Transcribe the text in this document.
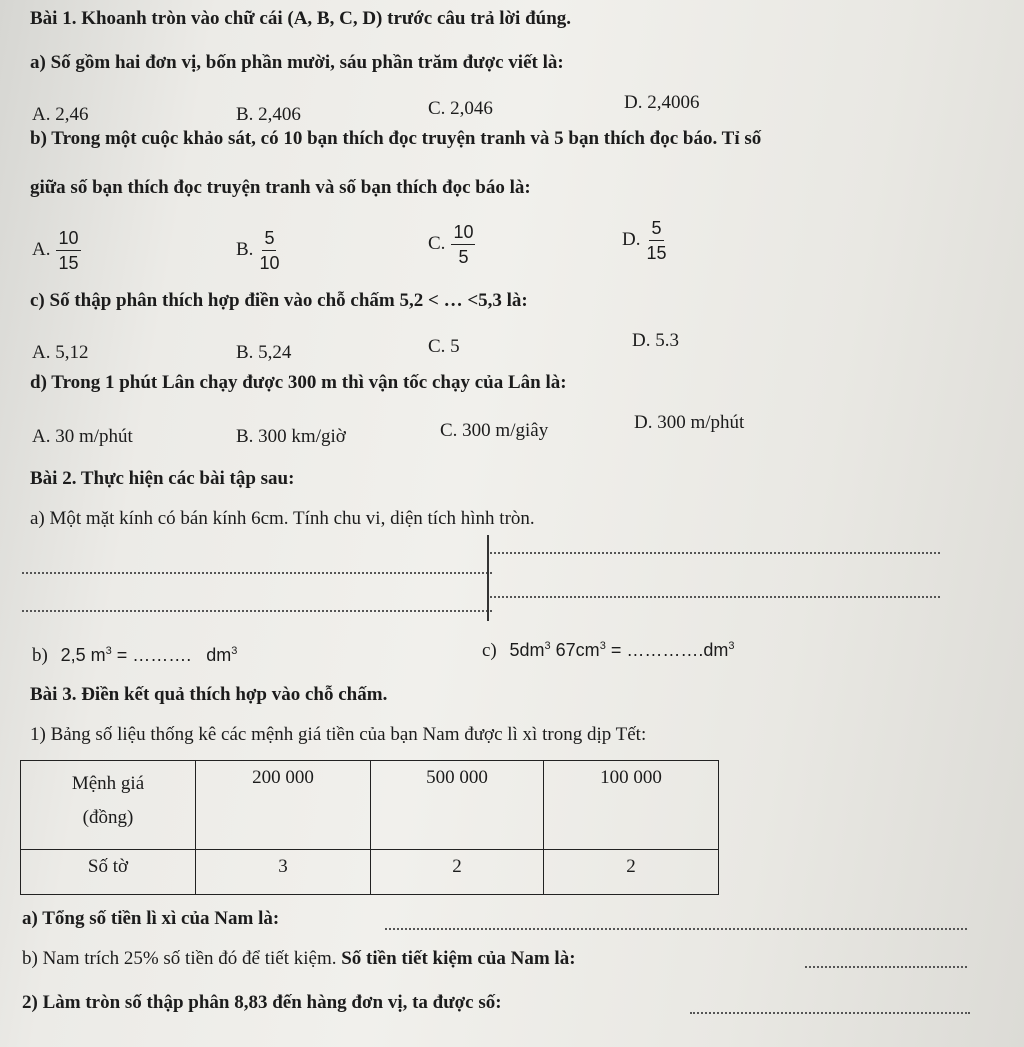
Bài 1. Khoanh tròn vào chữ cái (A, B, C, D) trước câu trả lời đúng.
a) Số gồm hai đơn vị, bốn phần mười, sáu phần trăm được viết là:
A. 2,46	B. 2,406	C. 2,046	D. 2,4006
b) Trong một cuộc khảo sát, có 10 bạn thích đọc truyện tranh và 5 bạn thích đọc báo. Tỉ số
giữa số bạn thích đọc truyện tranh và số bạn thích đọc báo là:
A. $\frac{10}{15}$	B. $\frac{5}{10}$	C. $\frac{10}{5}$	D. $\frac{5}{15}$
c) Số thập phân thích hợp điền vào chỗ chấm 5,2 < … <5,3 là:
A. 5,12	B. 5,24	C. 5	D. 5.3
d) Trong 1 phút Lân chạy được 300 m thì vận tốc chạy của Lân là:
A. 30 m/phút	B. 300 km/giờ	C. 300 m/giây	D. 300 m/phút
Bài 2. Thực hiện các bài tập sau:
a) Một mặt kính có bán kính 6cm. Tính chu vi, diện tích hình tròn.
b) 2,5 $m^3$ = ………. $dm^3$	c) $5dm^3$ $67cm^3$ = $\dots\dots\dots\dots.dm^3$
Bài 3. Điền kết quả thích hợp vào chỗ chấm.
1) Bảng số liệu thống kê các mệnh giá tiền của bạn Nam được lì xì trong dịp Tết:
Mệnh giá
(đồng)	200 000	500 000	100 000
Số tờ	3	2	2
a) Tổng số tiền lì xì của Nam là:
b) Nam trích 25% số tiền đó để tiết kiệm. Số tiền tiết kiệm của Nam là:
2) Làm tròn số thập phân 8,83 đến hàng đơn vị, ta được số:
